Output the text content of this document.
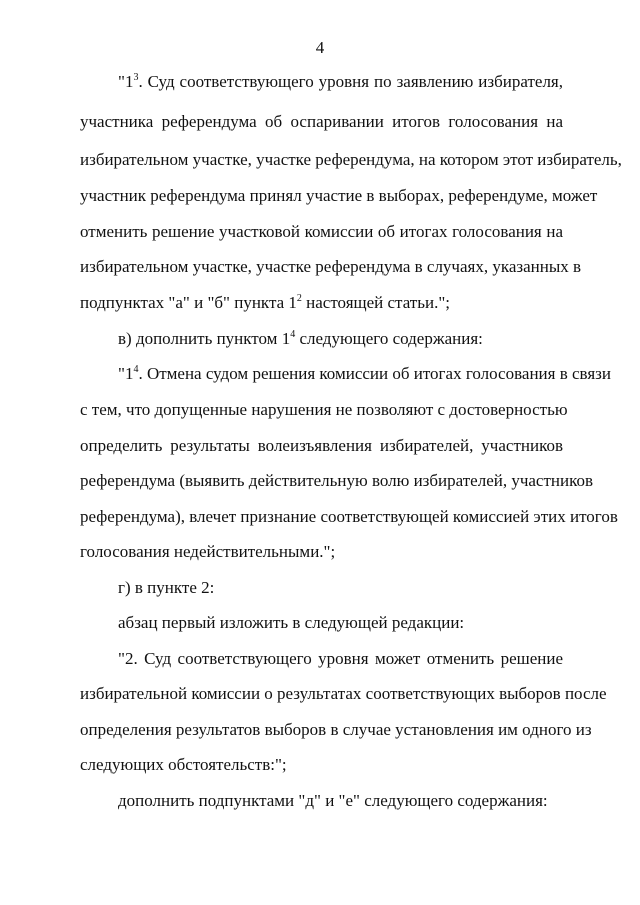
4
"$1^3$. Суд соответствующего уровня по заявлению избирателя,
участника референдума об оспаривании итогов голосования на
избирательном участке, участке референдума, на котором этот избиратель,
участник референдума принял участие в выборах, референдуме, может
отменить решение участковой комиссии об итогах голосования на
избирательном участке, участке референдума в случаях, указанных в
подпунктах "а" и "б" пункта $1^2$ настоящей статьи.";
в) дополнить пунктом $1^4$ следующего содержания:
"$1^4$. Отмена судом решения комиссии об итогах голосования в связи
с тем, что допущенные нарушения не позволяют с достоверностью
определить результаты волеизъявления избирателей, участников
референдума (выявить действительную волю избирателей, участников
референдума), влечет признание соответствующей комиссией этих итогов
голосования недействительными.";
г) в пункте 2:
абзац первый изложить в следующей редакции:
"2. Суд соответствующего уровня может отменить решение
избирательной комиссии о результатах соответствующих выборов после
определения результатов выборов в случае установления им одного из
следующих обстоятельств:";
дополнить подпунктами "д" и "е" следующего содержания:
